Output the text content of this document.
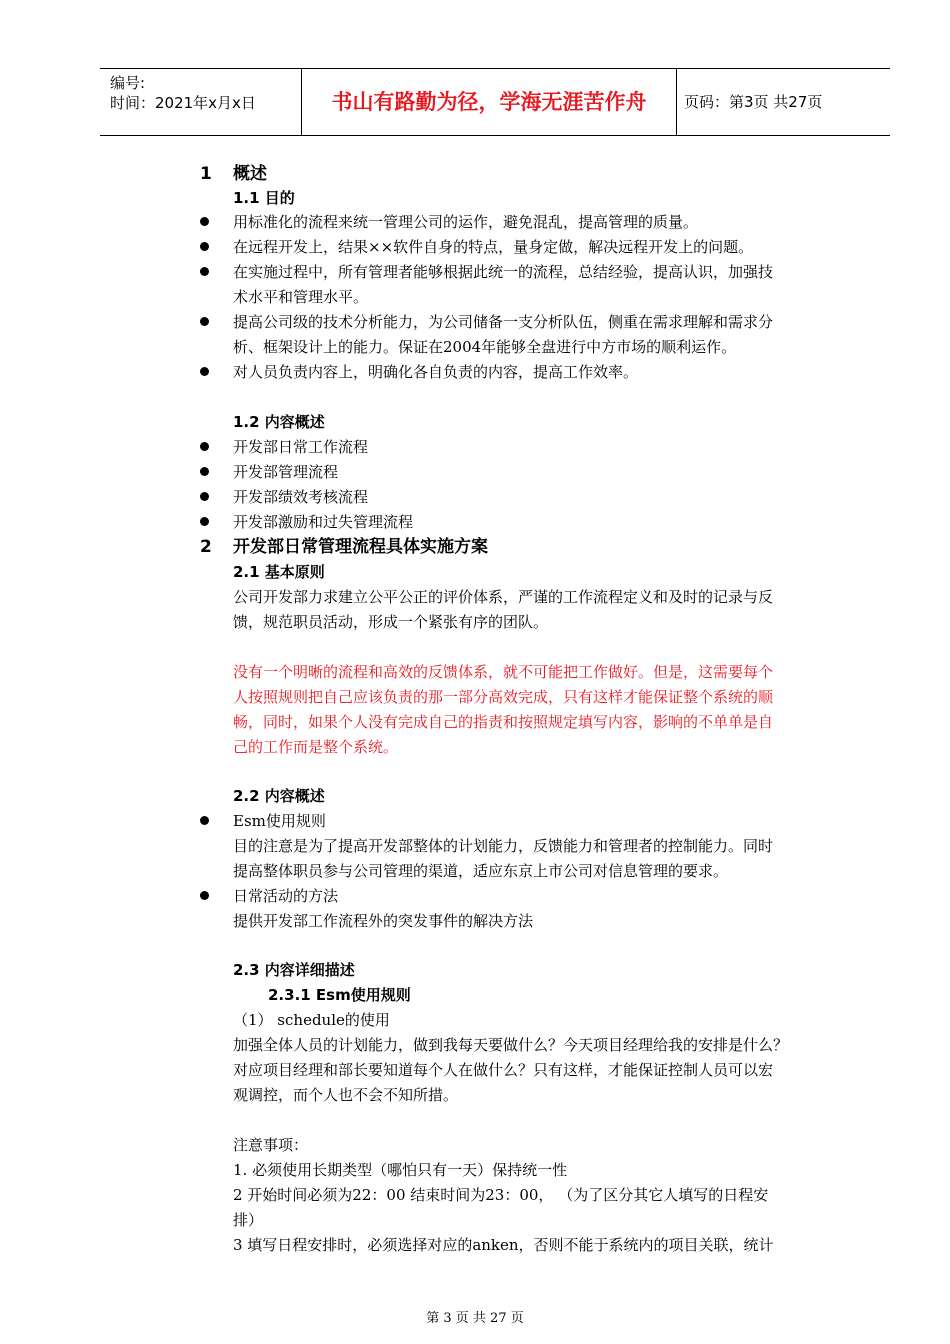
编号:
时间：2021年x月x日	书山有路勤为径，学海无涯苦作舟	页码：第3页 共27页
1 概述
1.1 目的
用标准化的流程来统一管理公司的运作，避免混乱，提高管理的质量。
在远程开发上，结果××软件自身的特点，量身定做，解决远程开发上的问题。
在实施过程中，所有管理者能够根据此统一的流程，总结经验，提高认识，加强技
术水平和管理水平。
提高公司级的技术分析能力，为公司储备一支分析队伍，侧重在需求理解和需求分
析、框架设计上的能力。保证在2004年能够全盘进行中方市场的顺利运作。
对人员负责内容上，明确化各自负责的内容，提高工作效率。
1.2 内容概述
开发部日常工作流程
开发部管理流程
开发部绩效考核流程
开发部激励和过失管理流程
2 开发部日常管理流程具体实施方案
2.1 基本原则
公司开发部力求建立公平公正的评价体系，严谨的工作流程定义和及时的记录与反
馈，规范职员活动，形成一个紧张有序的团队。
没有一个明晰的流程和高效的反馈体系，就不可能把工作做好。但是，这需要每个
人按照规则把自己应该负责的那一部分高效完成，只有这样才能保证整个系统的顺
畅，同时，如果个人没有完成自己的指责和按照规定填写内容，影响的不单单是自
己的工作而是整个系统。
2.2 内容概述
Esm使用规则
目的注意是为了提高开发部整体的计划能力，反馈能力和管理者的控制能力。同时
提高整体职员参与公司管理的渠道，适应东京上市公司对信息管理的要求。
日常活动的方法
提供开发部工作流程外的突发事件的解决方法
2.3 内容详细描述
2.3.1 Esm使用规则
（1） schedule的使用
加强全体人员的计划能力，做到我每天要做什么？今天项目经理给我的安排是什么？
对应项目经理和部长要知道每个人在做什么？只有这样，才能保证控制人员可以宏
观调控，而个人也不会不知所措。
注意事项：
1. 必须使用长期类型（哪怕只有一天）保持统一性
2 开始时间必须为22：00 结束时间为23：00， （为了区分其它人填写的日程安
排）
3 填写日程安排时，必须选择对应的anken，否则不能于系统内的项目关联，统计
第 3 页 共 27 页
